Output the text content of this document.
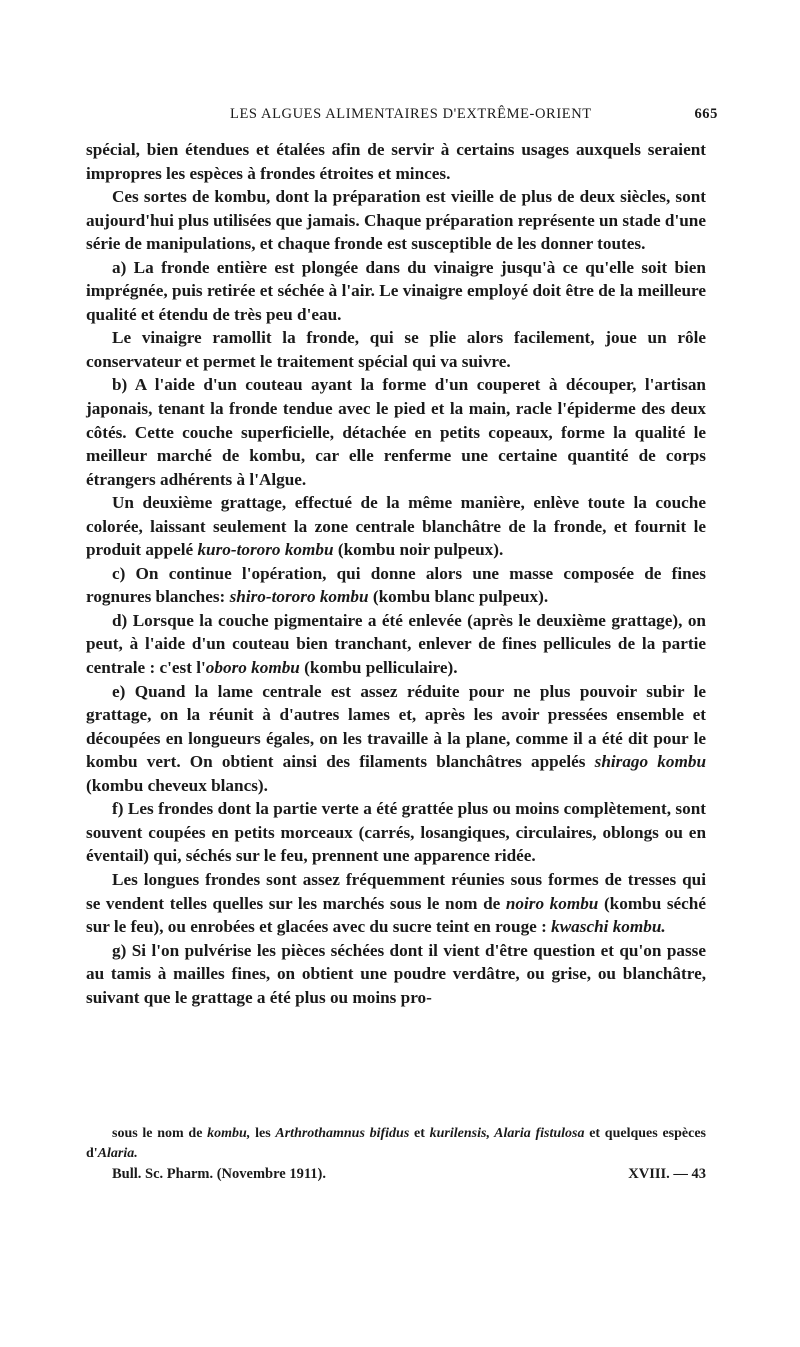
LES ALGUES ALIMENTAIRES D'EXTRÊME-ORIENT	665

spécial, bien étendues et étalées afin de servir à certains usages auxquels seraient impropres les espèces à frondes étroites et minces.

Ces sortes de kombu, dont la préparation est vieille de plus de deux siècles, sont aujourd'hui plus utilisées que jamais. Chaque préparation représente un stade d'une série de manipulations, et chaque fronde est susceptible de les donner toutes.

a) La fronde entière est plongée dans du vinaigre jusqu'à ce qu'elle soit bien imprégnée, puis retirée et séchée à l'air. Le vinaigre employé doit être de la meilleure qualité et étendu de très peu d'eau.

Le vinaigre ramollit la fronde, qui se plie alors facilement, joue un rôle conservateur et permet le traitement spécial qui va suivre.

b) A l'aide d'un couteau ayant la forme d'un couperet à découper, l'artisan japonais, tenant la fronde tendue avec le pied et la main, racle l'épiderme des deux côtés. Cette couche superficielle, détachée en petits copeaux, forme la qualité le meilleur marché de kombu, car elle renferme une certaine quantité de corps étrangers adhérents à l'Algue.

Un deuxième grattage, effectué de la même manière, enlève toute la couche colorée, laissant seulement la zone centrale blanchâtre de la fronde, et fournit le produit appelé kuro-tororo kombu (kombu noir pulpeux).

c) On continue l'opération, qui donne alors une masse composée de fines rognures blanches: shiro-tororo kombu (kombu blanc pulpeux).

d) Lorsque la couche pigmentaire a été enlevée (après le deuxième grattage), on peut, à l'aide d'un couteau bien tranchant, enlever de fines pellicules de la partie centrale : c'est l'oboro kombu (kombu pelliculaire).

e) Quand la lame centrale est assez réduite pour ne plus pouvoir subir le grattage, on la réunit à d'autres lames et, après les avoir pressées ensemble et découpées en longueurs égales, on les travaille à la plane, comme il a été dit pour le kombu vert. On obtient ainsi des filaments blanchâtres appelés shirago kombu (kombu cheveux blancs).

f) Les frondes dont la partie verte a été grattée plus ou moins complètement, sont souvent coupées en petits morceaux (carrés, losangiques, circulaires, oblongs ou en éventail) qui, séchés sur le feu, prennent une apparence ridée.

Les longues frondes sont assez fréquemment réunies sous formes de tresses qui se vendent telles quelles sur les marchés sous le nom de noiro kombu (kombu séché sur le feu), ou enrobées et glacées avec du sucre teint en rouge : kwaschi kombu.

g) Si l'on pulvérise les pièces séchées dont il vient d'être question et qu'on passe au tamis à mailles fines, on obtient une poudre verdâtre, ou grise, ou blanchâtre, suivant que le grattage a été plus ou moins pro-

sous le nom de kombu, les Arthrothamnus bifidus et kurilensis, Alaria fistulosa et quelques espèces d'Alaria.

Bull. Sc. Pharm. (Novembre 1911).	XVIII. — 43
